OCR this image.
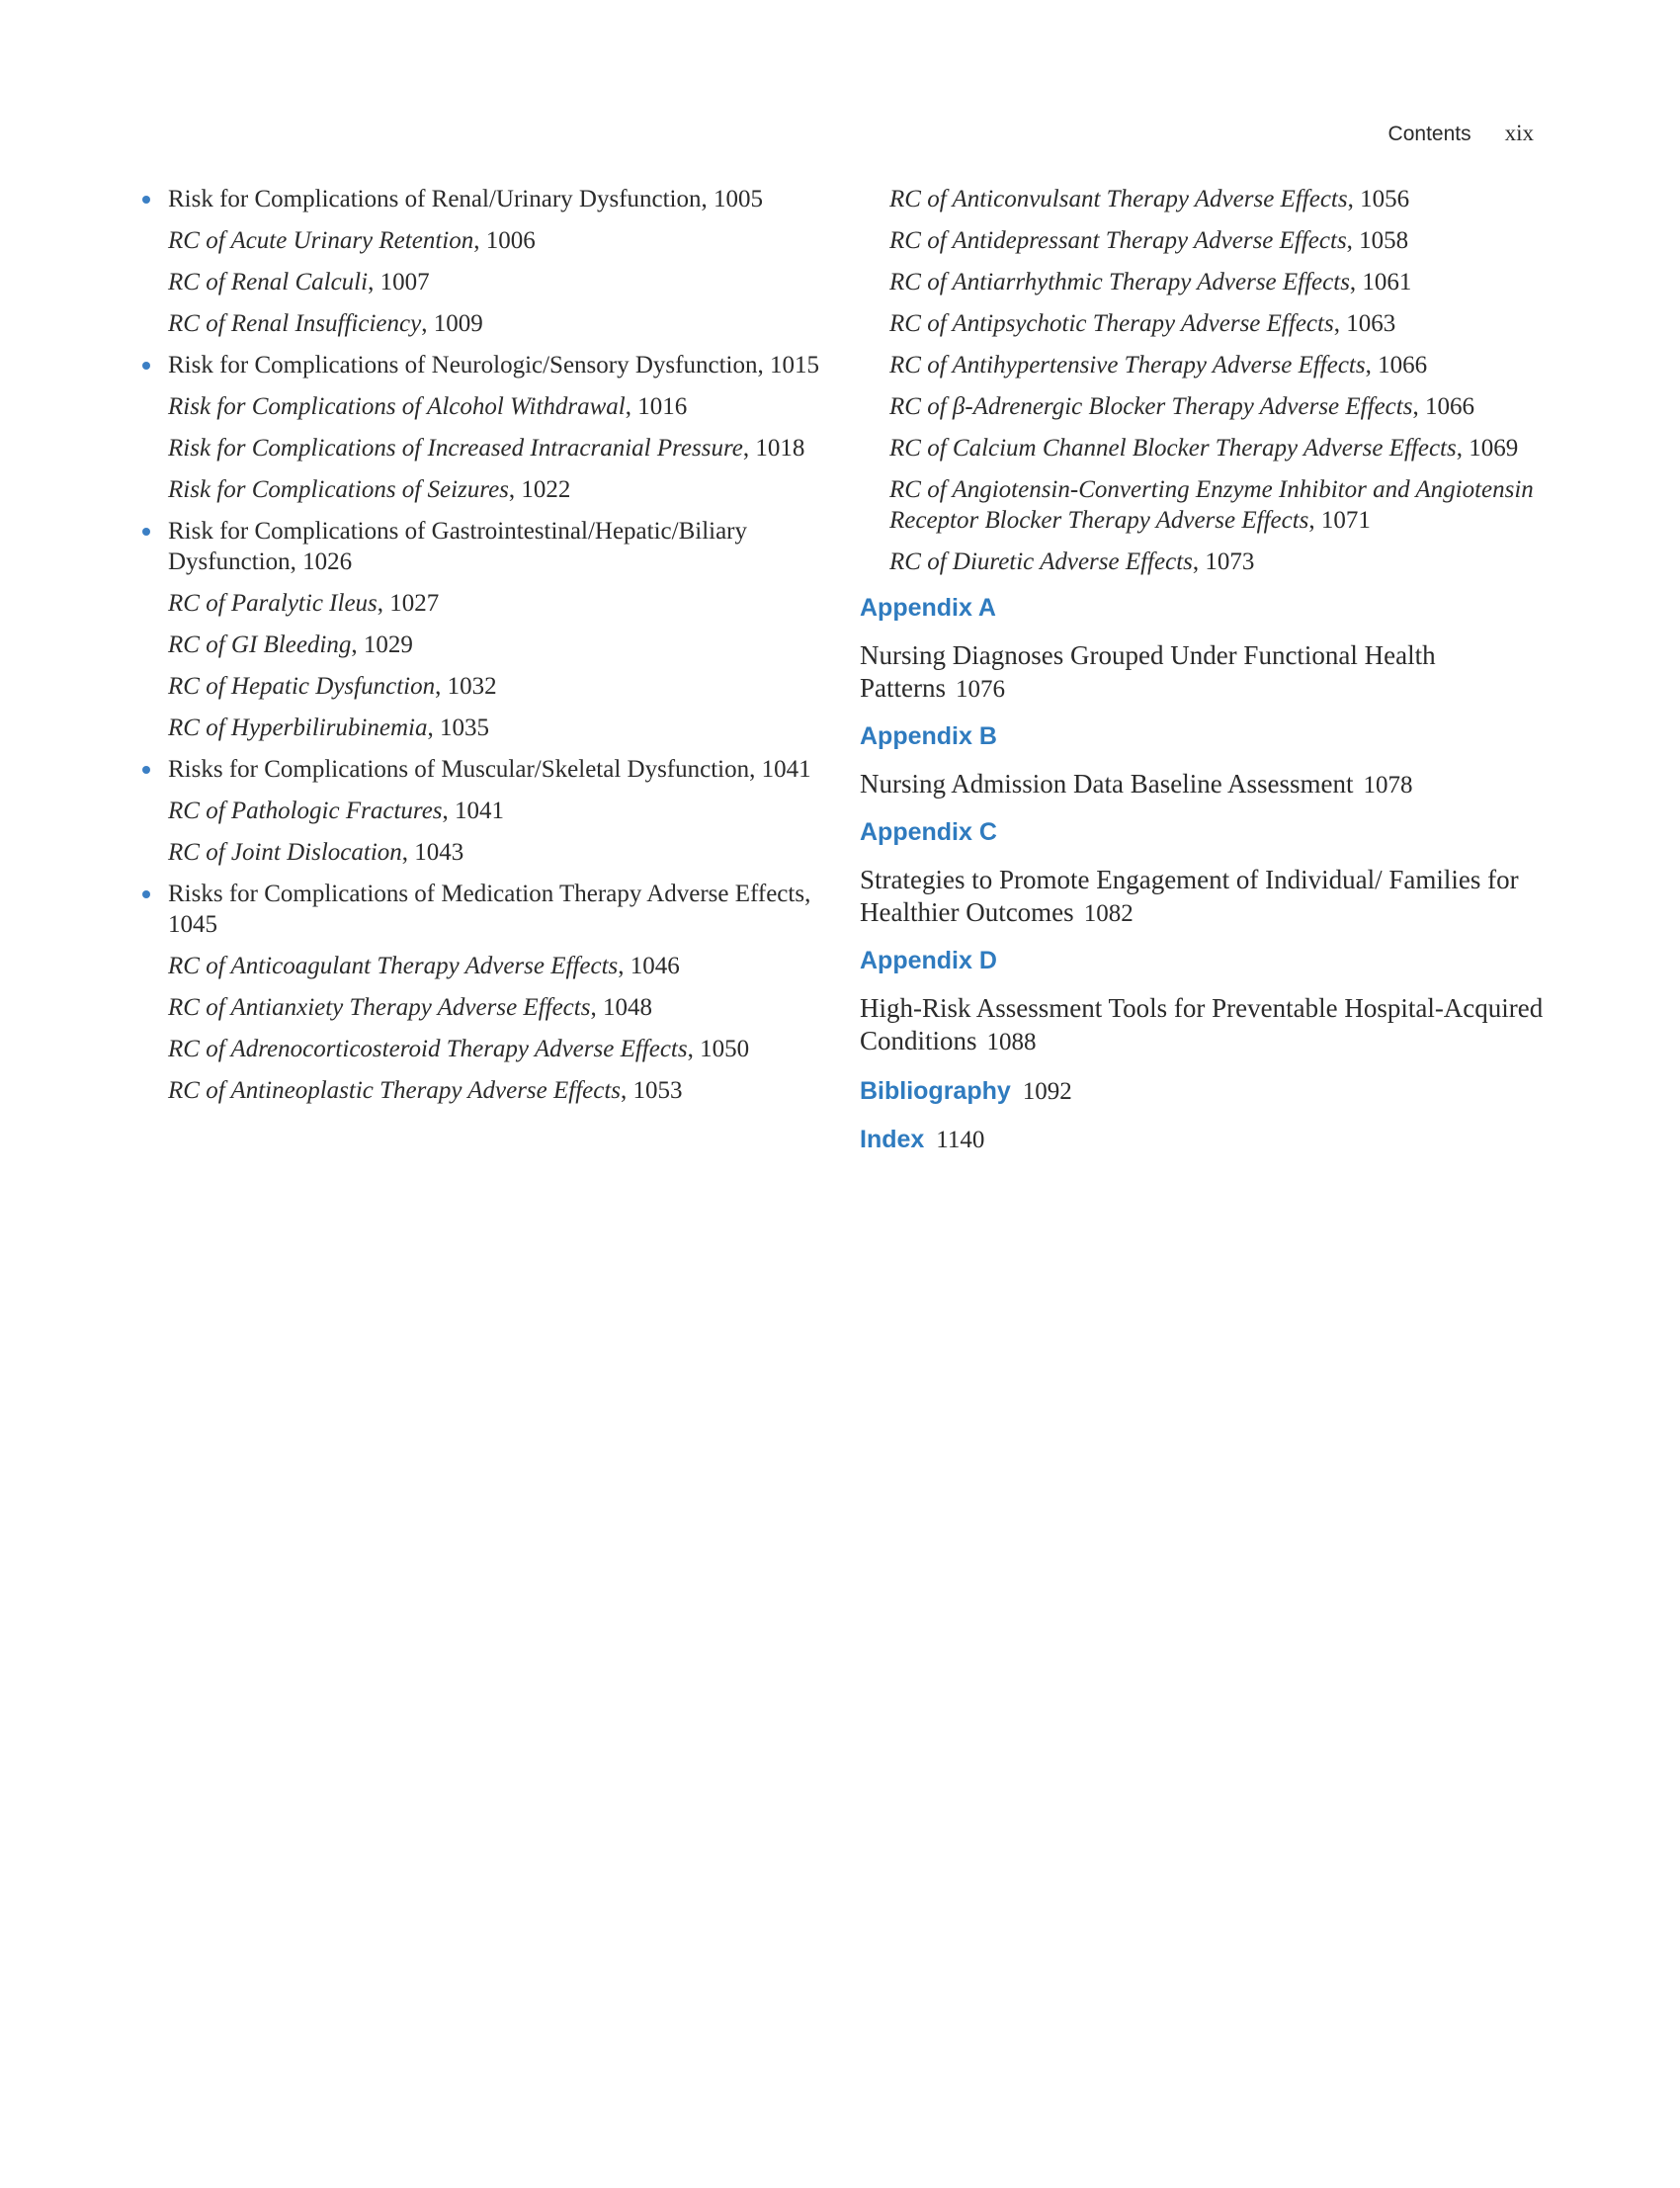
Contents xix
Risk for Complications of Renal/Urinary Dysfunction, 1005
RC of Acute Urinary Retention, 1006
RC of Renal Calculi, 1007
RC of Renal Insufficiency, 1009
Risk for Complications of Neurologic/Sensory Dysfunction, 1015
Risk for Complications of Alcohol Withdrawal, 1016
Risk for Complications of Increased Intracranial Pressure, 1018
Risk for Complications of Seizures, 1022
Risk for Complications of Gastrointestinal/Hepatic/Biliary Dysfunction, 1026
RC of Paralytic Ileus, 1027
RC of GI Bleeding, 1029
RC of Hepatic Dysfunction, 1032
RC of Hyperbilirubinemia, 1035
Risks for Complications of Muscular/Skeletal Dysfunction, 1041
RC of Pathologic Fractures, 1041
RC of Joint Dislocation, 1043
Risks for Complications of Medication Therapy Adverse Effects, 1045
RC of Anticoagulant Therapy Adverse Effects, 1046
RC of Antianxiety Therapy Adverse Effects, 1048
RC of Adrenocorticosteroid Therapy Adverse Effects, 1050
RC of Antineoplastic Therapy Adverse Effects, 1053
RC of Anticonvulsant Therapy Adverse Effects, 1056
RC of Antidepressant Therapy Adverse Effects, 1058
RC of Antiarrhythmic Therapy Adverse Effects, 1061
RC of Antipsychotic Therapy Adverse Effects, 1063
RC of Antihypertensive Therapy Adverse Effects, 1066
RC of β-Adrenergic Blocker Therapy Adverse Effects, 1066
RC of Calcium Channel Blocker Therapy Adverse Effects, 1069
RC of Angiotensin-Converting Enzyme Inhibitor and Angiotensin Receptor Blocker Therapy Adverse Effects, 1071
RC of Diuretic Adverse Effects, 1073
Appendix A
Nursing Diagnoses Grouped Under Functional Health Patterns 1076
Appendix B
Nursing Admission Data Baseline Assessment 1078
Appendix C
Strategies to Promote Engagement of Individual/ Families for Healthier Outcomes 1082
Appendix D
High-Risk Assessment Tools for Preventable Hospital-Acquired Conditions 1088
Bibliography 1092
Index 1140
